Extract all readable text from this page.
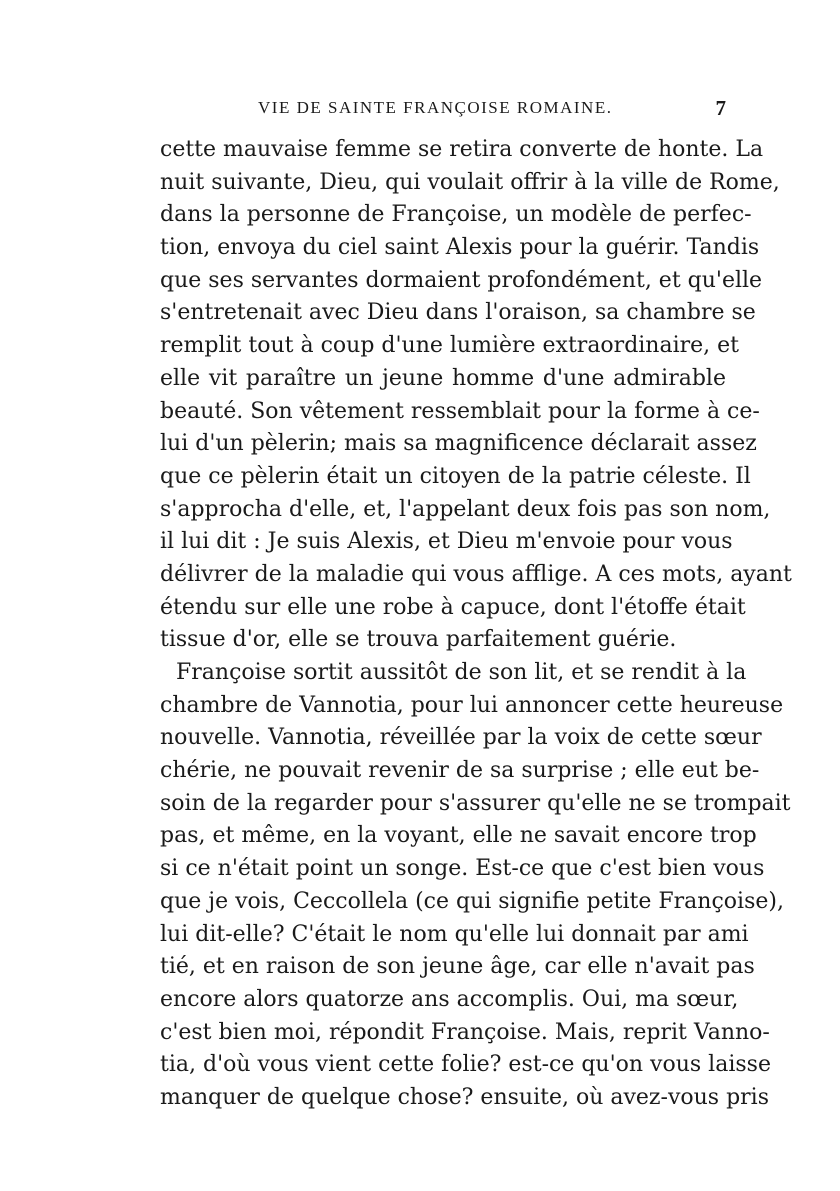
VIE DE SAINTE FRANÇOISE ROMAINE.	7
cette mauvaise femme se retira converte de honte. La
nuit suivante, Dieu, qui voulait offrir à la ville de Rome,
dans la personne de Françoise, un modèle de perfec-
tion, envoya du ciel saint Alexis pour la guérir. Tandis
que ses servantes dormaient profondément, et qu'elle
s'entretenait avec Dieu dans l'oraison, sa chambre se
remplit tout à coup d'une lumière extraordinaire, et
elle vit paraître un jeune homme d'une admirable
beauté. Son vêtement ressemblait pour la forme à ce-
lui d'un pèlerin; mais sa magnificence déclarait assez
que ce pèlerin était un citoyen de la patrie céleste. Il
s'approcha d'elle, et, l'appelant deux fois pas son nom,
il lui dit : Je suis Alexis, et Dieu m'envoie pour vous
délivrer de la maladie qui vous afflige. A ces mots, ayant
étendu sur elle une robe à capuce, dont l'étoffe était
tissue d'or, elle se trouva parfaitement guérie.
Françoise sortit aussitôt de son lit, et se rendit à la
chambre de Vannotia, pour lui annoncer cette heureuse
nouvelle. Vannotia, réveillée par la voix de cette sœur
chérie, ne pouvait revenir de sa surprise ; elle eut be-
soin de la regarder pour s'assurer qu'elle ne se trompait
pas, et même, en la voyant, elle ne savait encore trop
si ce n'était point un songe. Est-ce que c'est bien vous
que je vois, Ceccollela (ce qui signifie petite Françoise),
lui dit-elle? C'était le nom qu'elle lui donnait par ami
tié, et en raison de son jeune âge, car elle n'avait pas
encore alors quatorze ans accomplis. Oui, ma sœur,
c'est bien moi, répondit Françoise. Mais, reprit Vanno-
tia, d'où vous vient cette folie? est-ce qu'on vous laisse
manquer de quelque chose? ensuite, où avez-vous pris
